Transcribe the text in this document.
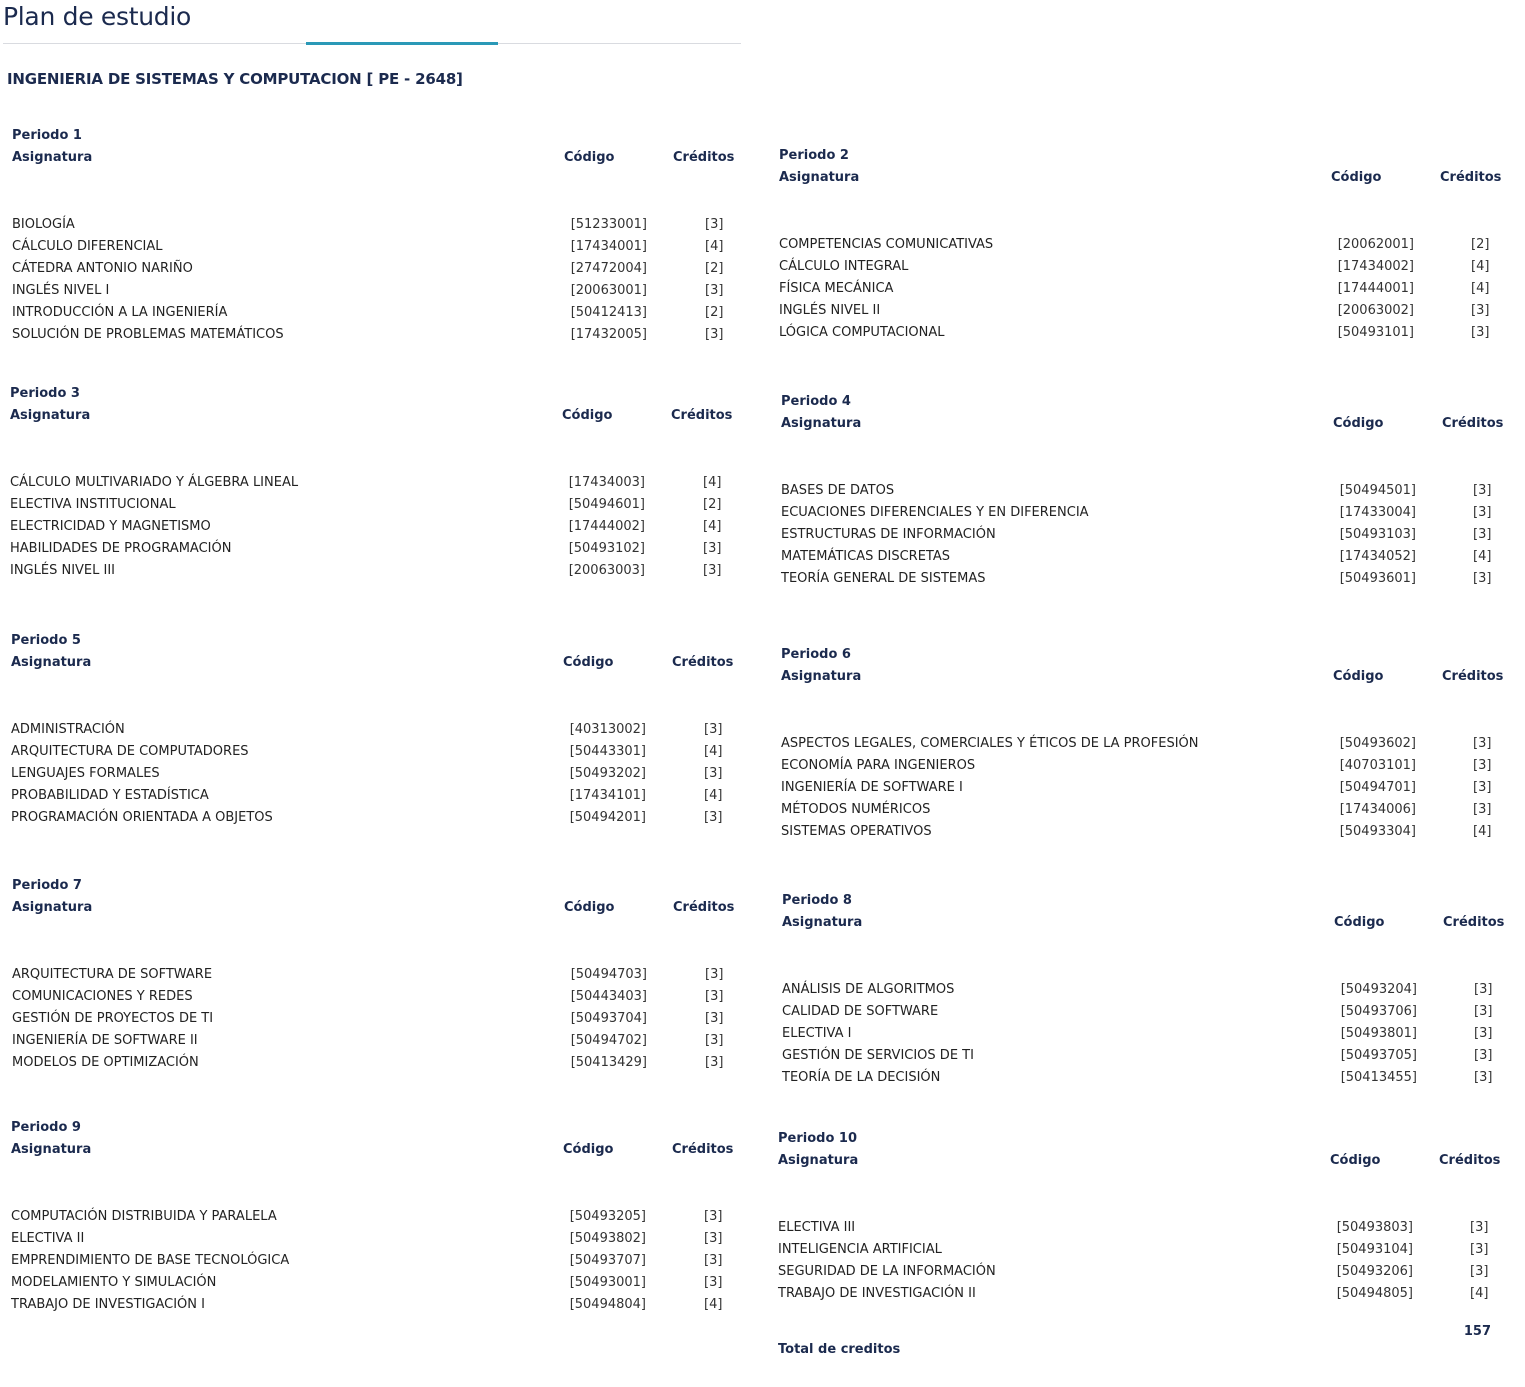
Plan de estudio
INGENIERIA DE SISTEMAS Y COMPUTACION [ PE - 2648]
Periodo 1
Asignatura	Código	Créditos
BIOLOGÍA	[51233001]	[3]
CÁLCULO DIFERENCIAL	[17434001]	[4]
CÁTEDRA ANTONIO NARIÑO	[27472004]	[2]
INGLÉS NIVEL I	[20063001]	[3]
INTRODUCCIÓN A LA INGENIERÍA	[50412413]	[2]
SOLUCIÓN DE PROBLEMAS MATEMÁTICOS	[17432005]	[3]
Periodo 2
Asignatura	Código	Créditos
COMPETENCIAS COMUNICATIVAS	[20062001]	[2]
CÁLCULO INTEGRAL	[17434002]	[4]
FÍSICA MECÁNICA	[17444001]	[4]
INGLÉS NIVEL II	[20063002]	[3]
LÓGICA COMPUTACIONAL	[50493101]	[3]
Periodo 3
Asignatura	Código	Créditos
CÁLCULO MULTIVARIADO Y ÁLGEBRA LINEAL	[17434003]	[4]
ELECTIVA INSTITUCIONAL	[50494601]	[2]
ELECTRICIDAD Y MAGNETISMO	[17444002]	[4]
HABILIDADES DE PROGRAMACIÓN	[50493102]	[3]
INGLÉS NIVEL III	[20063003]	[3]
Periodo 4
Asignatura	Código	Créditos
BASES DE DATOS	[50494501]	[3]
ECUACIONES DIFERENCIALES Y EN DIFERENCIA	[17433004]	[3]
ESTRUCTURAS DE INFORMACIÓN	[50493103]	[3]
MATEMÁTICAS DISCRETAS	[17434052]	[4]
TEORÍA GENERAL DE SISTEMAS	[50493601]	[3]
Periodo 5
Asignatura	Código	Créditos
ADMINISTRACIÓN	[40313002]	[3]
ARQUITECTURA DE COMPUTADORES	[50443301]	[4]
LENGUAJES FORMALES	[50493202]	[3]
PROBABILIDAD Y ESTADÍSTICA	[17434101]	[4]
PROGRAMACIÓN ORIENTADA A OBJETOS	[50494201]	[3]
Periodo 6
Asignatura	Código	Créditos
ASPECTOS LEGALES, COMERCIALES Y ÉTICOS DE LA PROFESIÓN	[50493602]	[3]
ECONOMÍA PARA INGENIEROS	[40703101]	[3]
INGENIERÍA DE SOFTWARE I	[50494701]	[3]
MÉTODOS NUMÉRICOS	[17434006]	[3]
SISTEMAS OPERATIVOS	[50493304]	[4]
Periodo 7
Asignatura	Código	Créditos
ARQUITECTURA DE SOFTWARE	[50494703]	[3]
COMUNICACIONES Y REDES	[50443403]	[3]
GESTIÓN DE PROYECTOS DE TI	[50493704]	[3]
INGENIERÍA DE SOFTWARE II	[50494702]	[3]
MODELOS DE OPTIMIZACIÓN	[50413429]	[3]
Periodo 8
Asignatura	Código	Créditos
ANÁLISIS DE ALGORITMOS	[50493204]	[3]
CALIDAD DE SOFTWARE	[50493706]	[3]
ELECTIVA I	[50493801]	[3]
GESTIÓN DE SERVICIOS DE TI	[50493705]	[3]
TEORÍA DE LA DECISIÓN	[50413455]	[3]
Periodo 9
Asignatura	Código	Créditos
COMPUTACIÓN DISTRIBUIDA Y PARALELA	[50493205]	[3]
ELECTIVA II	[50493802]	[3]
EMPRENDIMIENTO DE BASE TECNOLÓGICA	[50493707]	[3]
MODELAMIENTO Y SIMULACIÓN	[50493001]	[3]
TRABAJO DE INVESTIGACIÓN I	[50494804]	[4]
Periodo 10
Asignatura	Código	Créditos
ELECTIVA III	[50493803]	[3]
INTELIGENCIA ARTIFICIAL	[50493104]	[3]
SEGURIDAD DE LA INFORMACIÓN	[50493206]	[3]
TRABAJO DE INVESTIGACIÓN II	[50494805]	[4]
157
Total de creditos
